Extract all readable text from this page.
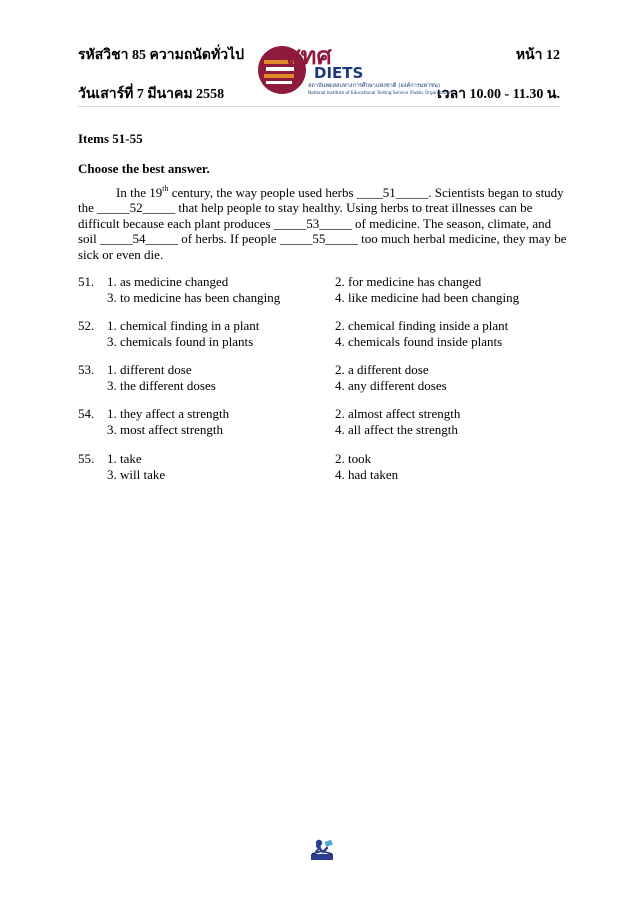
รหัสวิชา 85 ความถนัดทั่วไป	หน้า 12
วันเสาร์ที่ 7 มีนาคม 2558	เวลา 10.00 - 11.30 น.
สทศ
DIETS
สถาบันทดสอบทางการศึกษาแห่งชาติ (องค์การมหาชน)
National Institute of Educational Testing Service (Public Organization)
Items 51-55
Choose the best answer.
In the 19th century, the way people used herbs ____51_____. Scientists began to study
the _____52_____ that help people to stay healthy. Using herbs to treat illnesses can be
difficult because each plant produces _____53_____ of medicine. The season, climate, and
soil _____54_____ of herbs. If people _____55_____ too much herbal medicine, they may be
sick or even die.
51. 1. as medicine changed	2. for medicine has changed
3. to medicine has been changing	4. like medicine had been changing
52. 1. chemical finding in a plant	2. chemical finding inside a plant
3. chemicals found in plants	4. chemicals found inside plants
53. 1. different dose	2. a different dose
3. the different doses	4. any different doses
54. 1. they affect a strength	2. almost affect strength
3. most affect strength	4. all affect the strength
55. 1. take	2. took
3. will take	4. had taken
